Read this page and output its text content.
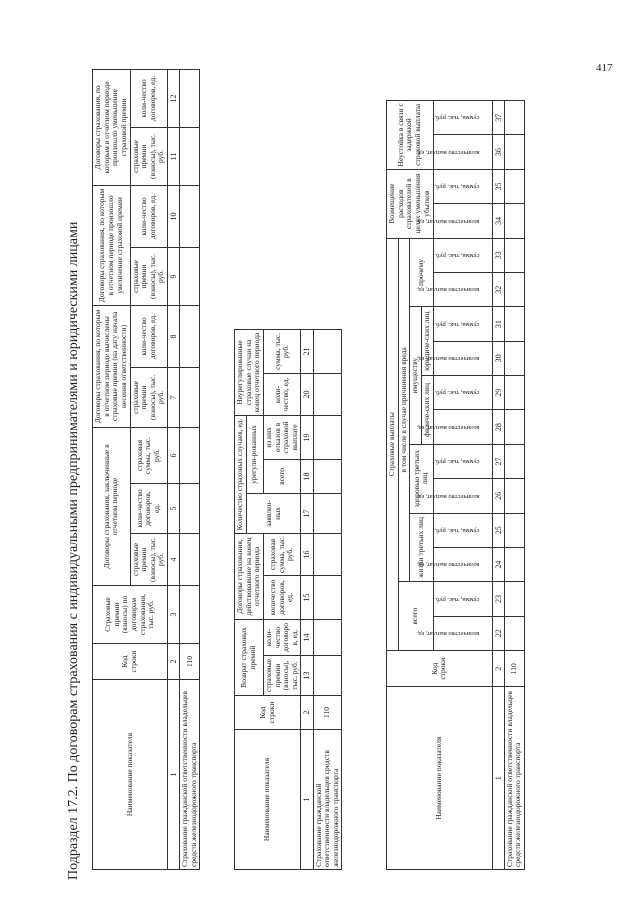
417
Подраздел 17.2. По договорам страхования с индивидуальными предпринимателями и юридическими лицами	Наименование показателя	Код строки	Страховые премии (взносы) по договорам страхования, тыс. руб.	Договоры страхования, заключенные в отчетном периоде			Договоры страхования, по которым в отчетном периоде вычислены страховые премии (на дату начала несения ответственности)		Договоры страхования, по которым в отчетном периоде произошло увеличение страховой премии		Договоры страхования, по которым в отчетном периоде произошло уменьшение страховой премии	
			страховые премии (взносы), тыс. руб.	коли-чество договоров, ед.	страховая сумма, тыс. руб.	страховые премии (взносы), тыс. руб.	коли-чество договоров, ед.	страховые премии (взносы), тыс. руб.	коли-чество договоров, ед.	страховые премии (взносы), тыс. руб.	коли-чество договоров, ед.
1	2	3	4	5	6	7	8	9	10	11	12
Страхование гражданской ответственности владельцев средств железнодорожного транспорта	110										
Наименование показателя	Код строки	Возврат страховых премий		Договоры страхования, действовавшие на конец отчетного периода		Количество страховых случаев, ед.			Неурегулированные страховые случаи на конец отчетного периода	
						заявлен-ных	урегули-рованных			
		страховые премии (взносы), тыс. руб.	коли-чество договоров, ед.	количество договоров, ед.	страховая сумма, тыс. руб.		всего	из них отказов в страховой выплате	коли-чество, ед.	сумма, тыс. руб.
1	2	13	14	15	16	17	18	19	20	21
Страхование гражданской ответственности владельцев средств железнодорожного транспорта	110									
Наименование показателя	Код строки	Страховые выплаты												Возмещение расходов страхователей в целях уменьшения убытков		Неустойка в связи с задержкой страховой выплаты	
		всего		в том числе в случае причинения вреда													
				жизни третьих лиц		здоровью третьих лиц		имуществу				прочему					
								физиче-ских лиц		юридиче-ских лиц							

		количество выплат, ед.	сумма, тыс. руб.	количество выплат, ед.	сумма, тыс. руб.	количество выплат, ед.	сумма, тыс. руб.	количество выплат, ед.	сумма, тыс. руб.	количество выплат, ед.	сумма, тыс. руб.	количество выплат, ед.	сумма, тыс. руб.	количество выплат, ед.	сумма, тыс. руб.	количество выплат, ед.	сумма, тыс. руб.

1	2	22	23	24	25	26	27	28	29	30	31	32	33	34	35	36	37
Страхование гражданской ответственности владельцев средств железнодорожного транспорта	110																
